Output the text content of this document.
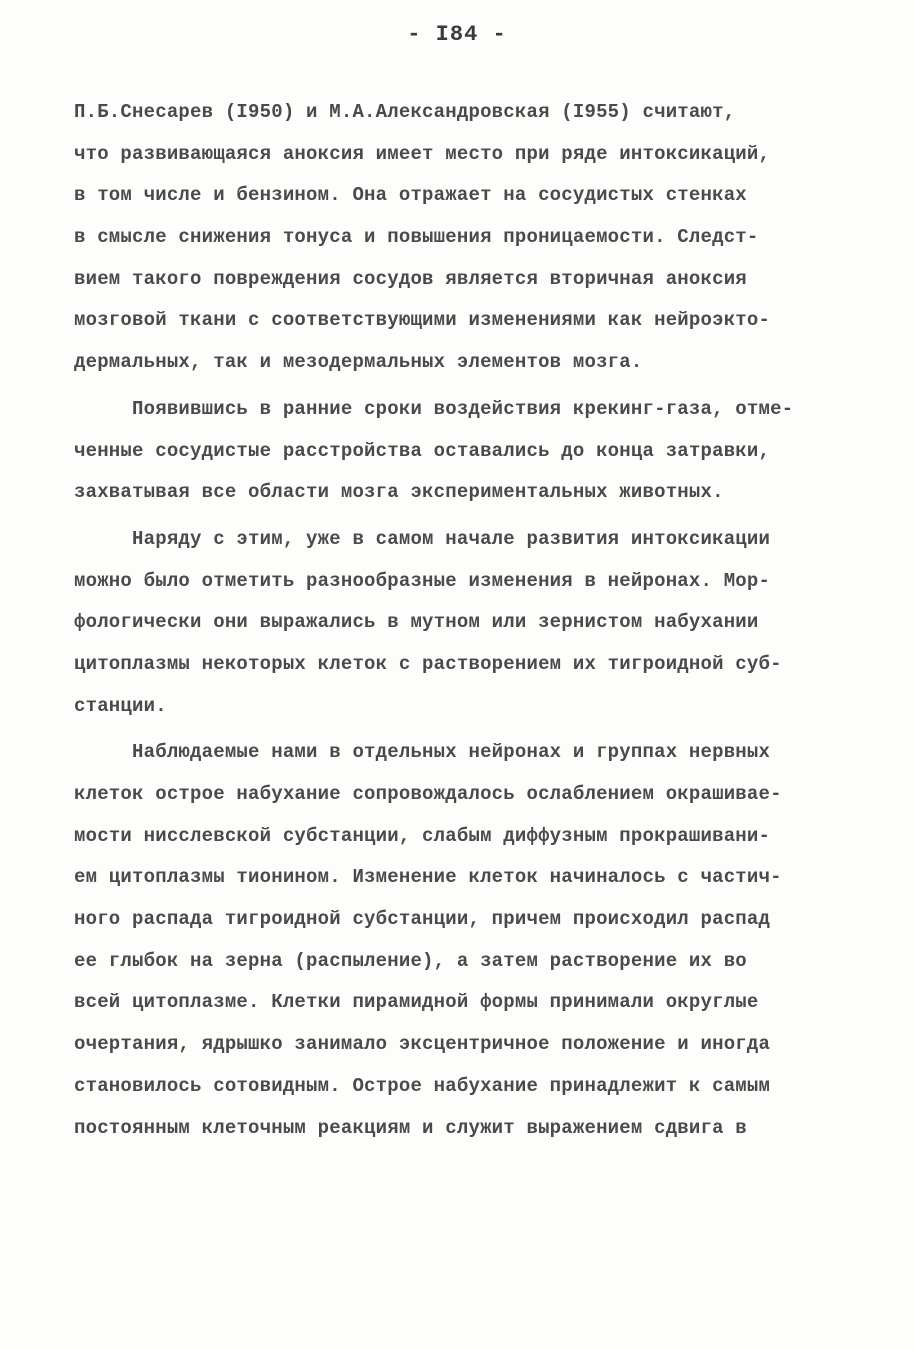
- I84 -
П.Б.Снесарев (I950) и М.А.Александровская (I955) считают,
что развивающаяся аноксия имеет место при ряде интоксикаций,
в том числе и бензином. Она отражает на сосудистых стенках
в смысле снижения тонуса и повышения проницаемости. Следст-
вием такого повреждения сосудов является вторичная аноксия
мозговой ткани с соответствующими изменениями как нейроэкто-
дермальных, так и мезодермальных элементов мозга.
Появившись в ранние сроки воздействия крекинг-газа, отме-
ченные сосудистые расстройства оставались до конца затравки,
захватывая все области мозга экспериментальных животных.
Наряду с этим, уже в самом начале развития интоксикации
можно было отметить разнообразные изменения в нейронах. Мор-
фологически они выражались в мутном или зернистом набухании
цитоплазмы некоторых клеток с растворением их тигроидной суб-
станции.
Наблюдаемые нами в отдельных нейронах и группах нервных
клеток острое набухание сопровождалось ослаблением окрашивае-
мости нисслевской субстанции, слабым диффузным прокрашивани-
ем цитоплазмы тионином. Изменение клеток начиналось с частич-
ного распада тигроидной субстанции, причем происходил распад
ее глыбок на зерна (распыление), а затем растворение их во
всей цитоплазме. Клетки пирамидной формы принимали округлые
очертания, ядрышко занимало эксцентричное положение и иногда
становилось сотовидным. Острое набухание принадлежит к самым
постоянным клеточным реакциям и служит выражением сдвига в
